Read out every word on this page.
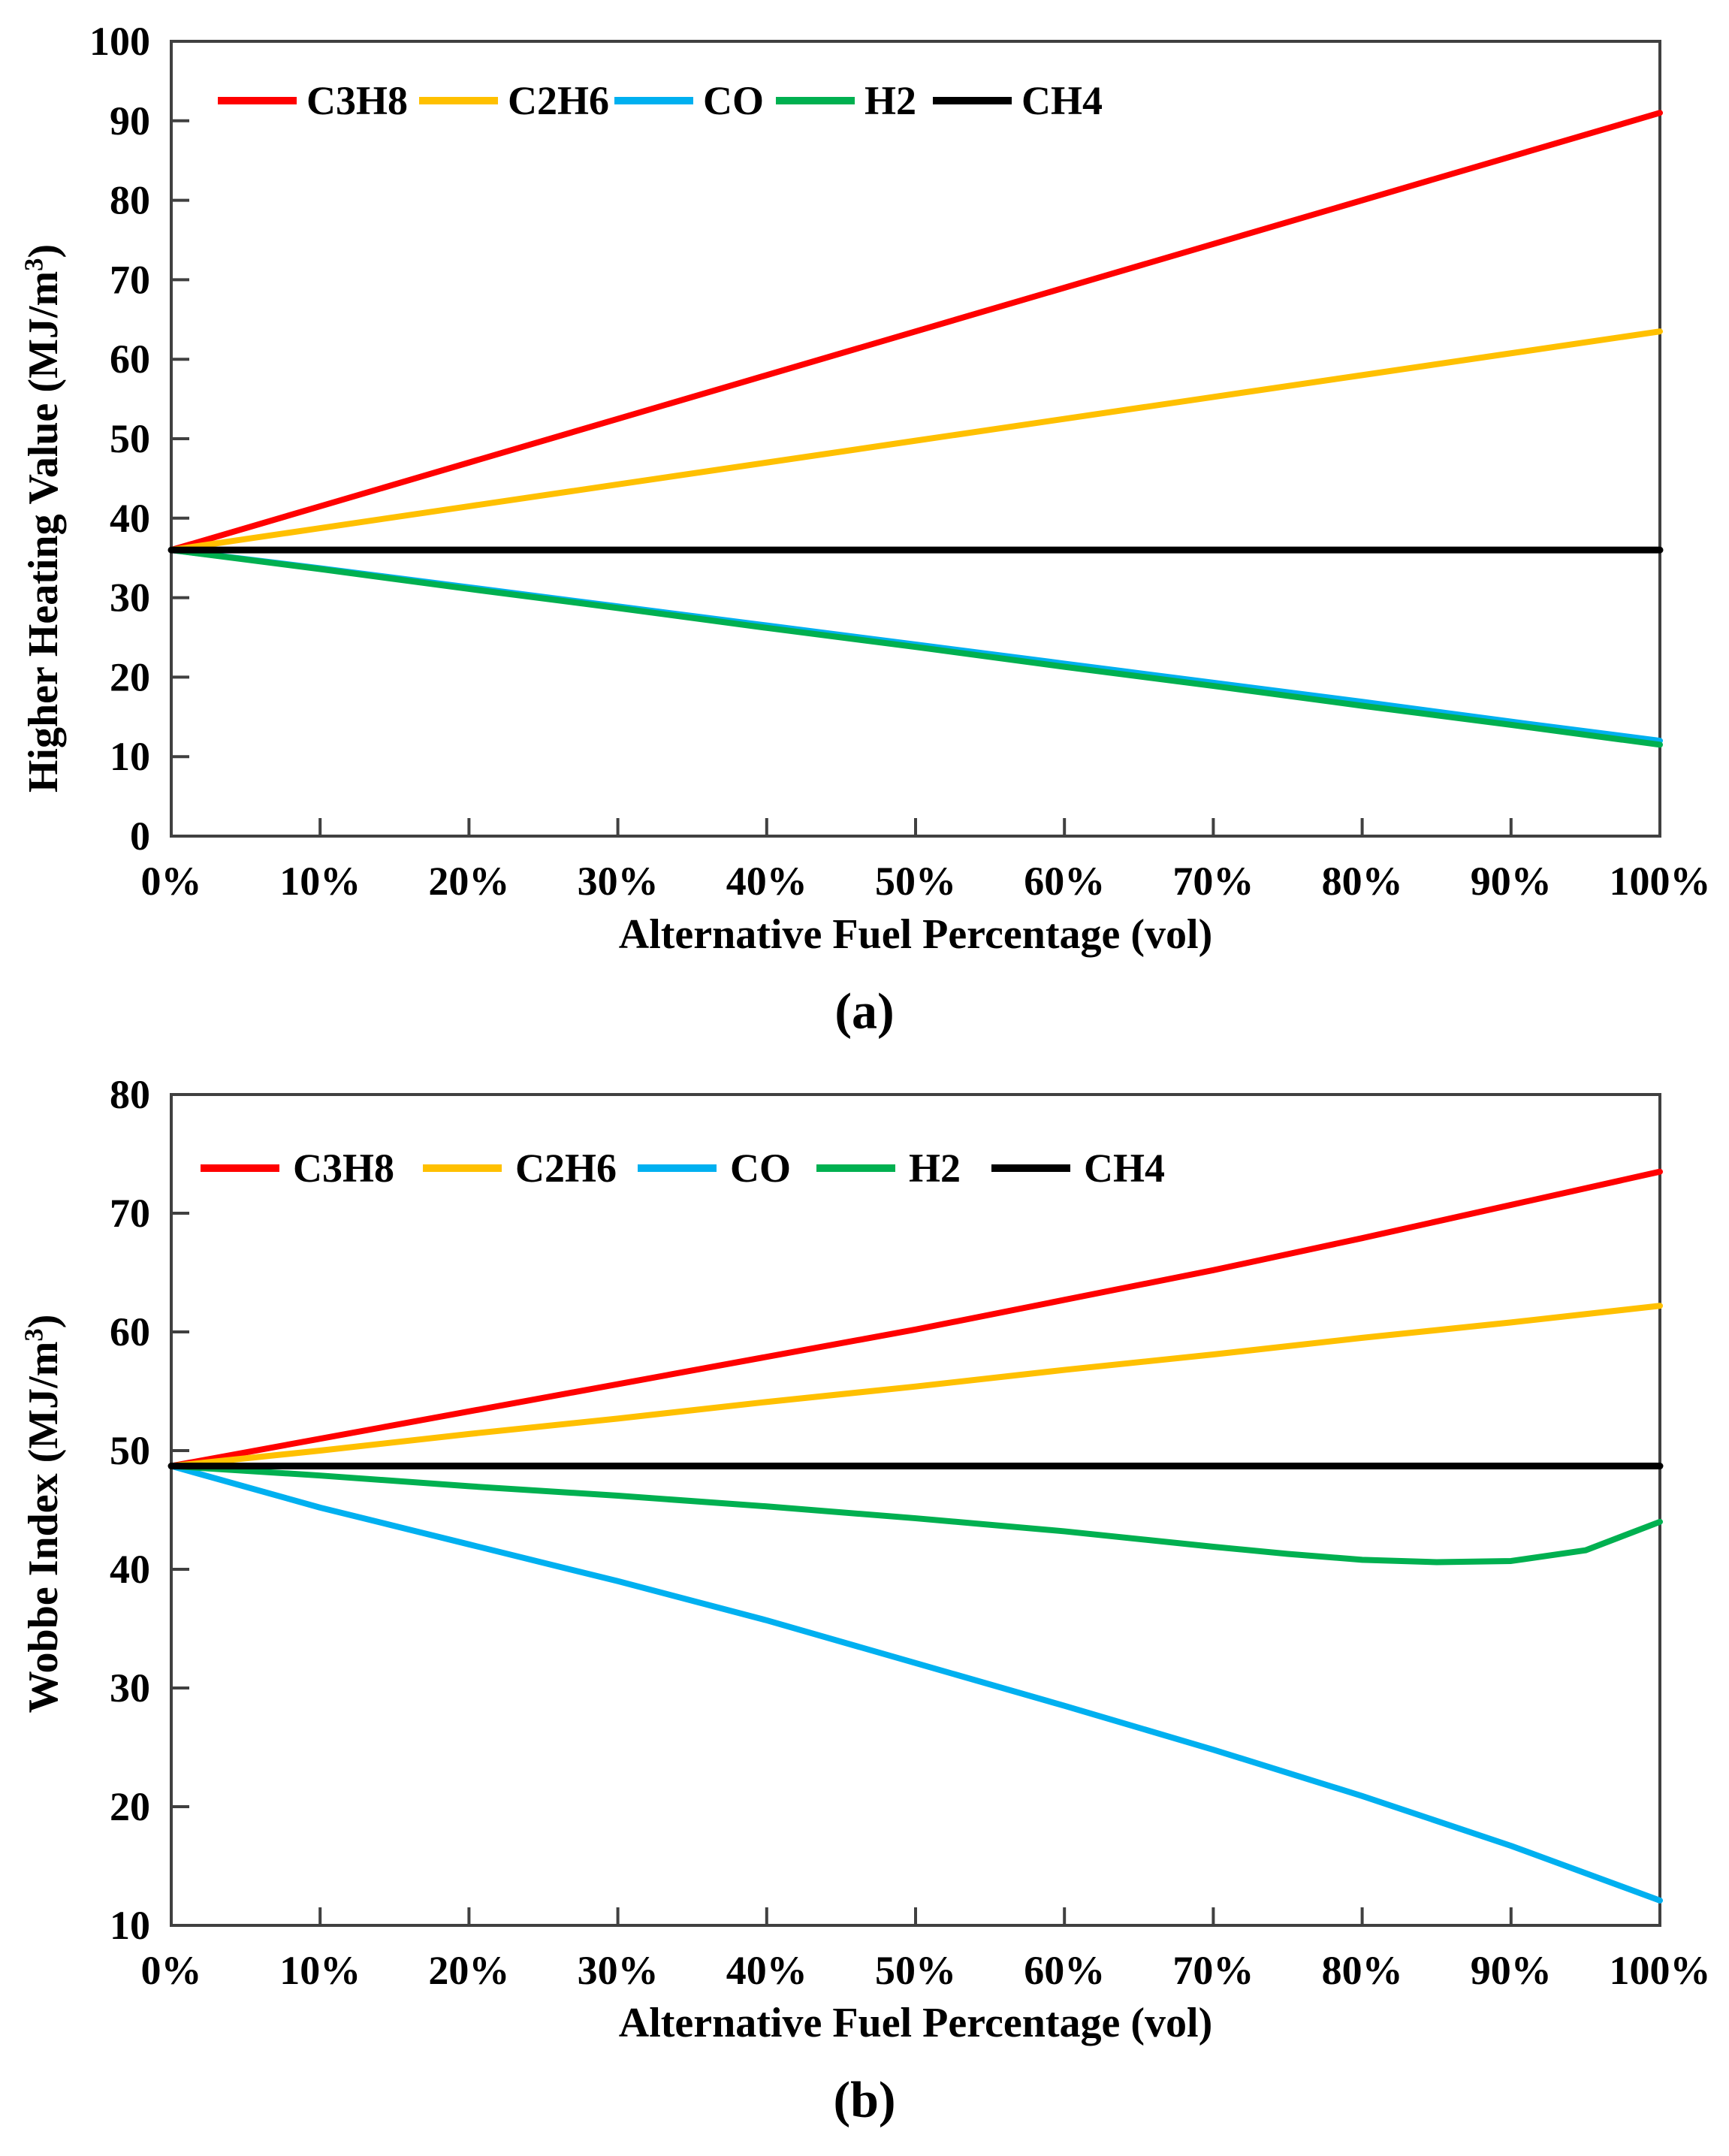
0
10
20
30
40
50
60
70
80
90
100
0% 10% 20% 30% 40% 50% 60% 70% 80% 90% 100%
C3H8 C2H6 CO H2	CH4
Higher Heating Value $(MJ/m^3)$
Alternative Fuel Percentage (vol)
(a)
10
20
30
40
50
60
70
80
0% 10% 20% 30% 40% 50% 60% 70% 80% 90% 100%
C3H8	C2H6	CO	H2	CH4
Wobbe Index $(MJ/m^3)$
Alternative Fuel Percentage (vol)
(b)
